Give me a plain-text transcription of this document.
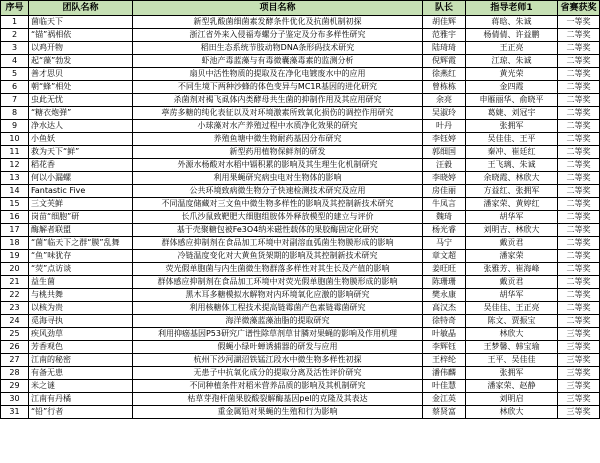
序号	团队名称	项目名称	队长	指导老师1	省赛获奖
1	菌临天下	新型乳酸菌细菌素发酵条件优化及抗菌机制初探	胡佳辉	蒋晗、朱诚	一等奖
2	“锚”祸相依	浙江省外来入侵福寿螺分子鉴定及分布多样性研究	范雅宇	杨倩倩、许益鹏	二等奖
3	以鸡开物	稻田生态系统节肢动物DNA条形码技术研究	陆琦琦	王正亮	二等奖
4	起“藻”勃发	虾池产毒蓝藻与有毒微囊藻毒素的监测分析	倪辉霞	江琼、朱诚	二等奖
5	善才思贝	扇贝中活性物质的提取及在净化电镀废水中的应用	徐燕红	黄光荣	二等奖
6	朝“蜂”相处	不同生境下两种沙蜂的体色变异与MC1R基因的进化研究	曾栋栋	金四霞	二等奖
7	虫此无忧	杀菌剂对褐飞虱体内类酵母共生菌的抑制作用及其应用研究	余亮	申雁丽华、俞晓平	二等奖
8	“糖衣炮弹”	葶苈多糖的纯化表征以及对环境激素所致氧化损伤的调控作用研究	吴淑玲	葛婕、刘冠宇	二等奖
9	净水达人	小球藻对水产养殖过程中水质净化效果的研究	叶丹	张拥军	二等奖
10	小鱼妖	养殖鱼塘中微生物耐药基因分布研究	李钰婷	吴佳佳、王平	二等奖
11	救为天下“鲜”	新型药用植物保鲜剂的研发	郭细国	秦冲、崔廷红	二等奖
12	稻花香	外源水杨酸对水稻中镉积累的影响及其生理生化机制研究	汪毅	王飞璃、朱诚	二等奖
13	何以小漏螺	利用果蝇研究病虫电对生物体的影响	李晓婷	余晓霞、林欣大	二等奖
14	Fantastic Five	公共环境致病微生物分子快速检测技术研究及应用	房佳丽	方益红、张拥军	二等奖
15	三文芙鲜	不同温度储藏对三文鱼中微生物多样性的影响及其控制新技术研究	牛凤言	潘家荣、黄婷红	二等奖
16	岗苗“细胞”研	长爪沙鼠致靶肥大细胞组胺体外释放模型的建立与评价	魏琦	胡华军	二等奖
17	酶解者联盟	基于壳聚糖包被Fe3O4纳米磁性载体的果胶酶固定化研究	杨光睿	刘明吉、林欣大	二等奖
18	“菌”临天下之群“膜”乱舞	群体感应抑制剂在食品加工环境中对副溶血弧菌生物膜形成的影响	马宁	戴贡君	二等奖
19	“鱼”味犹存	冷链温度变化对大黄鱼货架期的影响及其控制新技术研究	章文超	潘家荣	二等奖
20	“荧”点访谈	荧光假单胞菌与内生菌微生物群落多样性对其生长及产值的影响	姜旺旺	张雅芳、崔海峰	二等奖
21	益生菌	群体感应抑制剂在食品加工环境中对荧光假单胞菌生物膜形成的影响	陈珊珊	戴贡君	二等奖
22	与桃共舞	黑木耳多糖模拟水解物对内环境氧化应激的影响研究	樊永康	胡华军	二等奖
23	以核为贵	利用核糖体工程技术提高链霉菌产色素链霉菌研究	高汉杰	吴佳佳、王正亮	二等奖
24	觅海寻执	海洋微藻蓝藻油脂的提取研究	徐特奇	陈文、贾振宝	二等奖
25	疾风劲草	利用抑癌基因P53研究广谱性除草剂草甘膦对果蝇的影响及作用机理	叶敏晶	林欣大	三等奖
26	芳香观色	假蝇小绿叶蝉诱捕器的研发与应用	李辉钰	王梦馨、韩宝瑜	三等奖
27	江南的秘密	杭州下沙河湖沼铁锰江段水中微生物多样性初探	王梓纶	王平、吴佳佳	三等奖
28	有备无患	无患子中抗氧化成分的提取分离及活性评价研究	潘伟麟	张拥军	三等奖
29	米之谜	不同种植条件对稻米营养品质的影响及其机制研究	叶佳慧	潘家荣、赵静	三等奖
30	江南有丹橘	枯草芽孢杆菌果胶酸裂解酶基因pel的克隆及其表达	金江英	刘明启	三等奖
31	“铅”行者	重金属铅对果蝇的生殖和行为影响	蔡贤富	林欣大	三等奖
